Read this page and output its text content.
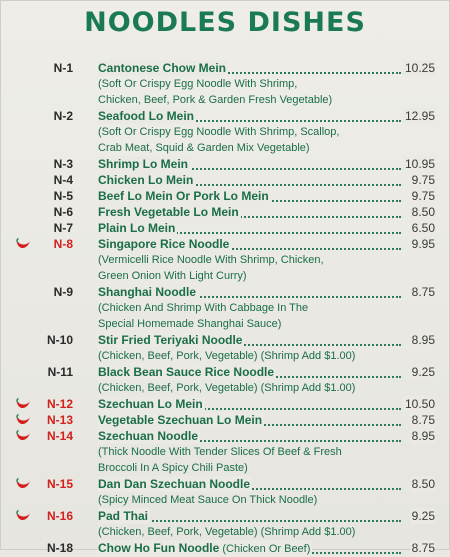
NOODLES DISHES
N-1 Cantonese Chow Mein	10.25
(Soft Or Crispy Egg Noodle With Shrimp,
Chicken, Beef, Pork & Garden Fresh Vegetable)
N-2 Seafood Lo Mein	12.95
(Soft Or Crispy Egg Noodle With Shrimp, Scallop,
Crab Meat, Squid & Garden Mix Vegetable)
N-3 Shrimp Lo Mein	10.95
N-4 Chicken Lo Mein	9.75
N-5 Beef Lo Mein Or Pork Lo Mein	9.75
N-6 Fresh Vegetable Lo Mein	8.50
N-7 Plain Lo Mein	6.50
N-8 Singapore Rice Noodle	9.95
(Vermicelli Rice Noodle With Shrimp, Chicken,
Green Onion With Light Curry)
N-9 Shanghai Noodle	8.75
(Chicken And Shrimp With Cabbage In The
Special Homemade Shanghai Sauce)
N-10 Stir Fried Teriyaki Noodle	8.95
(Chicken, Beef, Pork, Vegetable) (Shrimp Add $1.00)
N-11 Black Bean Sauce Rice Noodle	9.25
(Chicken, Beef, Pork, Vegetable) (Shrimp Add $1.00)
N-12 Szechuan Lo Mein	10.50
N-13 Vegetable Szechuan Lo Mein	8.75
N-14 Szechuan Noodle	8.95
(Thick Noodle With Tender Slices Of Beef & Fresh
Broccoli In A Spicy Chili Paste)
N-15 Dan Dan Szechuan Noodle	8.50
(Spicy Minced Meat Sauce On Thick Noodle)
N-16 Pad Thai	9.25
(Chicken, Beef, Pork, Vegetable) (Shrimp Add $1.00)
N-18 Chow Ho Fun Noodle (Chicken Or Beef)	8.75
